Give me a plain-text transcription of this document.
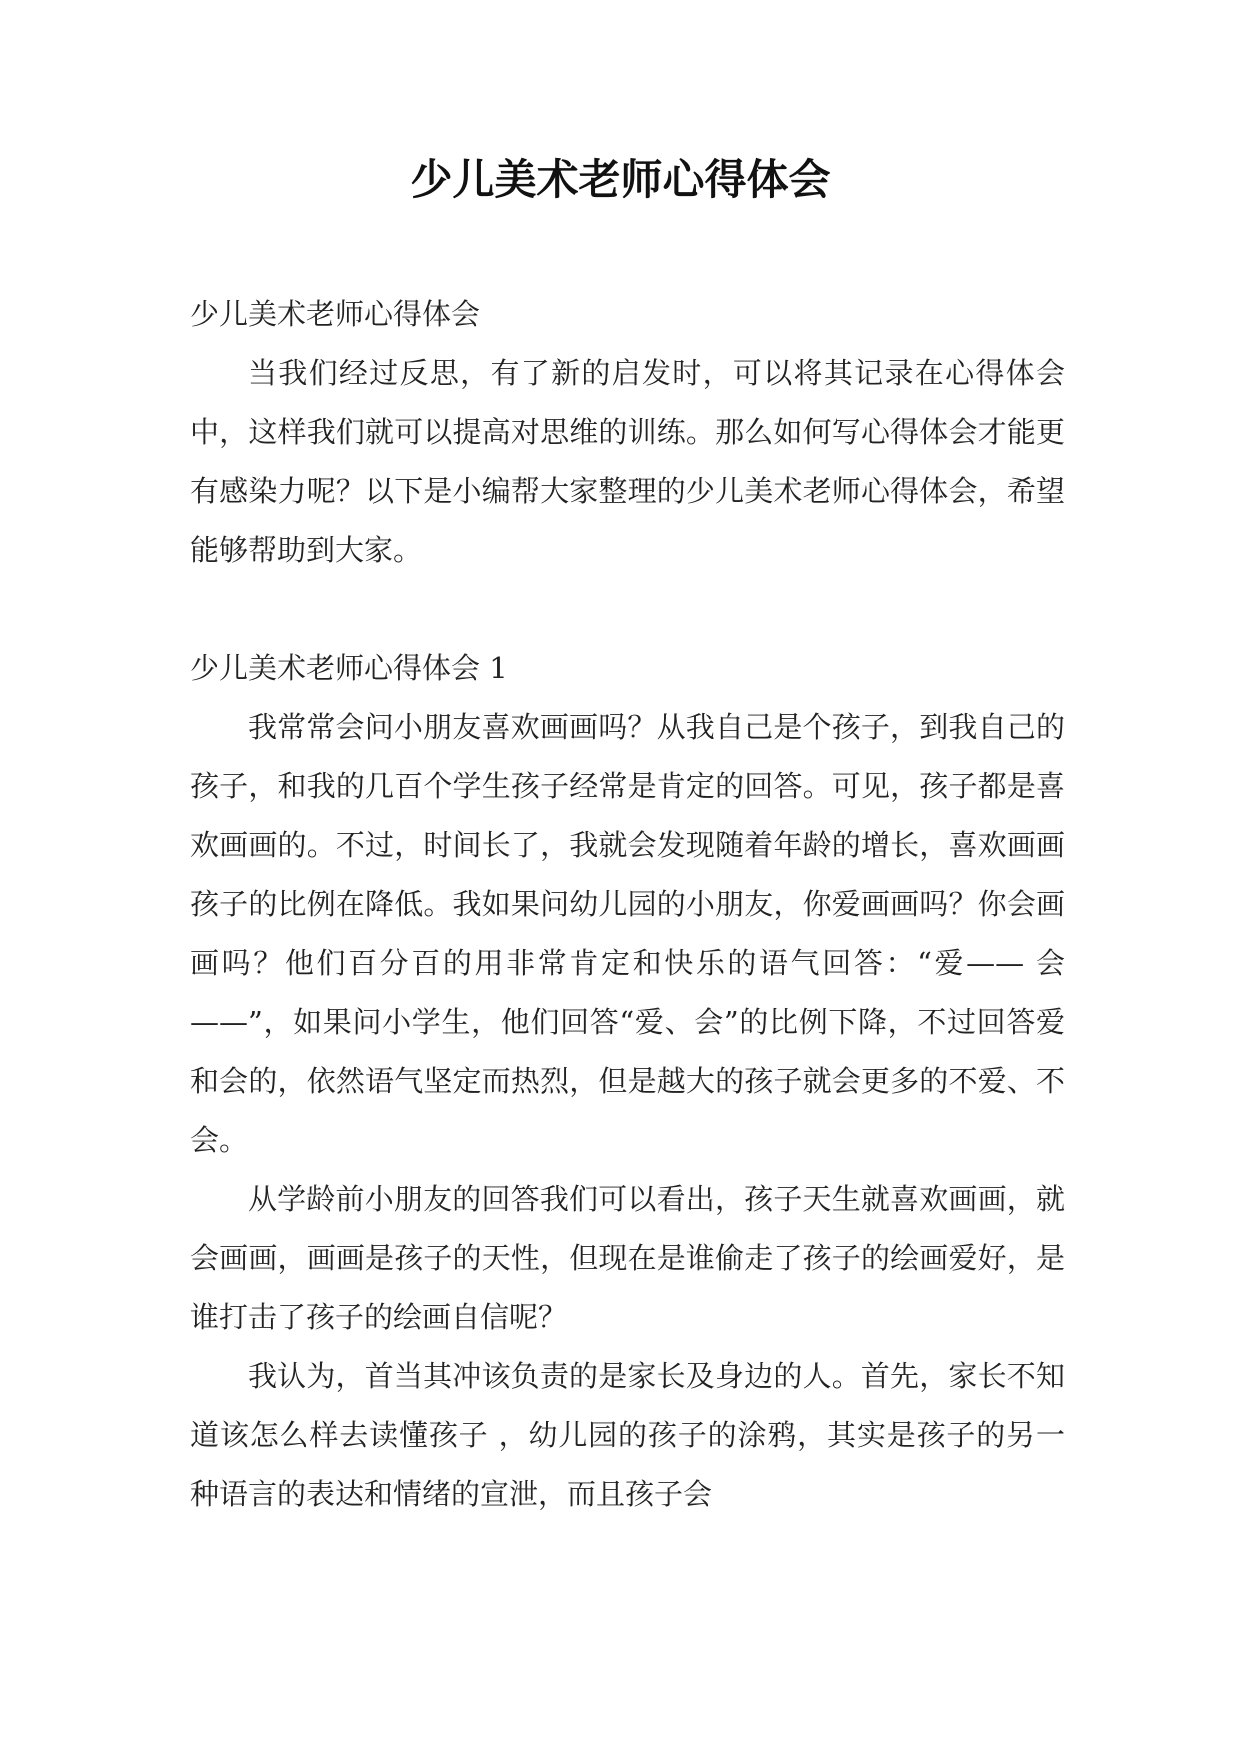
少儿美术老师心得体会

少儿美术老师心得体会

当我们经过反思，有了新的启发时，可以将其记录在心得体会中，这样我们就可以提高对思维的训练。那么如何写心得体会才能更有感染力呢？以下是小编帮大家整理的少儿美术老师心得体会，希望能够帮助到大家。

少儿美术老师心得体会 1

我常常会问小朋友喜欢画画吗？从我自己是个孩子，到我自己的孩子，和我的几百个学生孩子经常是肯定的回答。可见，孩子都是喜欢画画的。不过，时间长了，我就会发现随着年龄的增长，喜欢画画孩子的比例在降低。我如果问幼儿园的小朋友，你爱画画吗？你会画画吗？他们百分百的用非常肯定和快乐的语气回答：“爱—— 会——”，如果问小学生，他们回答“爱、会”的比例下降，不过回答爱和会的，依然语气坚定而热烈，但是越大的孩子就会更多的不爱、不会。

从学龄前小朋友的回答我们可以看出，孩子天生就喜欢画画，就会画画，画画是孩子的天性，但现在是谁偷走了孩子的绘画爱好，是谁打击了孩子的绘画自信呢？

我认为，首当其冲该负责的是家长及身边的人。首先，家长不知道该怎么样去读懂孩子 ，幼儿园的孩子的涂鸦，其实是孩子的另一种语言的表达和情绪的宣泄，而且孩子会
